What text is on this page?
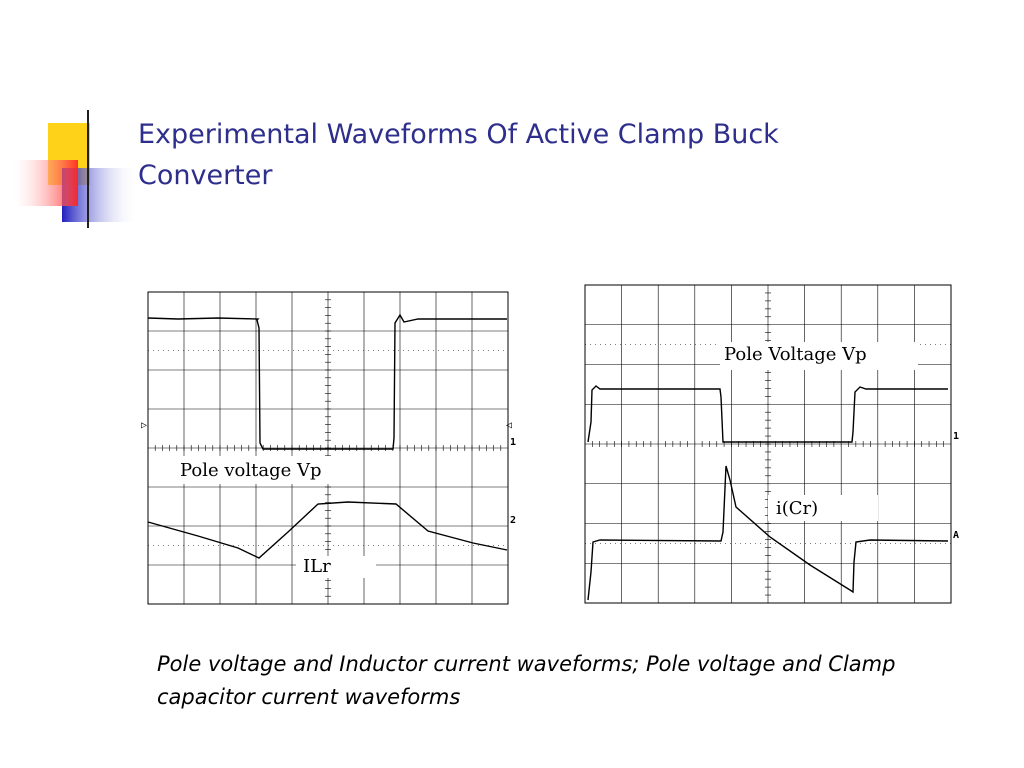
Experimental Waveforms Of Active Clamp Buck Converter
Pole voltage Vp
ILr
1
2
▷	◁
Pole Voltage Vp
i(Cr)
1
A

Pole voltage and Inductor current waveforms; Pole voltage and Clamp capacitor current waveforms
